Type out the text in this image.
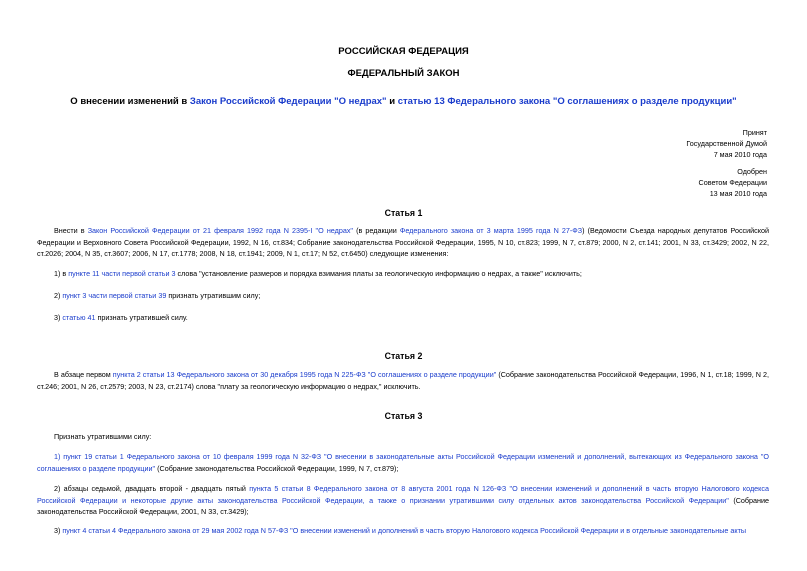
РОССИЙСКАЯ ФЕДЕРАЦИЯ
ФЕДЕРАЛЬНЫЙ ЗАКОН
О внесении изменений в Закон Российской Федерации "О недрах" и статью 13 Федерального закона "О соглашениях о разделе продукции"
Принят
Государственной Думой
7 мая 2010 года
Одобрен
Советом Федерации
13 мая 2010 года
Статья 1
Внести в Закон Российской Федерации от 21 февраля 1992 года N 2395-I "О недрах" (в редакции Федерального закона от 3 марта 1995 года N 27-ФЗ) (Ведомости Съезда народных депутатов Российской Федерации и Верховного Совета Российской Федерации, 1992, N 16, ст.834; Собрание законодательства Российской Федерации, 1995, N 10, ст.823; 1999, N 7, ст.879; 2000, N 2, ст.141; 2001, N 33, ст.3429; 2002, N 22, ст.2026; 2004, N 35, ст.3607; 2006, N 17, ст.1778; 2008, N 18, ст.1941; 2009, N 1, ст.17; N 52, ст.6450) следующие изменения:
1) в пункте 11 части первой статьи 3 слова "установление размеров и порядка взимания платы за геологическую информацию о недрах, а также" исключить;
2) пункт 3 части первой статьи 39 признать утратившим силу;
3) статью 41 признать утратившей силу.
Статья 2
В абзаце первом пункта 2 статьи 13 Федерального закона от 30 декабря 1995 года N 225-ФЗ "О соглашениях о разделе продукции" (Собрание законодательства Российской Федерации, 1996, N 1, ст.18; 1999, N 2, ст.246; 2001, N 26, ст.2579; 2003, N 23, ст.2174) слова "плату за геологическую информацию о недрах," исключить.
Статья 3
Признать утратившими силу:
1) пункт 19 статьи 1 Федерального закона от 10 февраля 1999 года N 32-ФЗ "О внесении в законодательные акты Российской Федерации изменений и дополнений, вытекающих из Федерального закона "О соглашениях о разделе продукции" (Собрание законодательства Российской Федерации, 1999, N 7, ст.879);
2) абзацы седьмой, двадцать второй - двадцать пятый пункта 5 статьи 8 Федерального закона от 8 августа 2001 года N 126-ФЗ "О внесении изменений и дополнений в часть вторую Налогового кодекса Российской Федерации и некоторые другие акты законодательства Российской Федерации, а также о признании утратившими силу отдельных актов законодательства Российской Федерации" (Собрание законодательства Российской Федерации, 2001, N 33, ст.3429);
3) пункт 4 статьи 4 Федерального закона от 29 мая 2002 года N 57-ФЗ "О внесении изменений и дополнений в часть вторую Налогового кодекса Российской Федерации и в отдельные законодательные акты
